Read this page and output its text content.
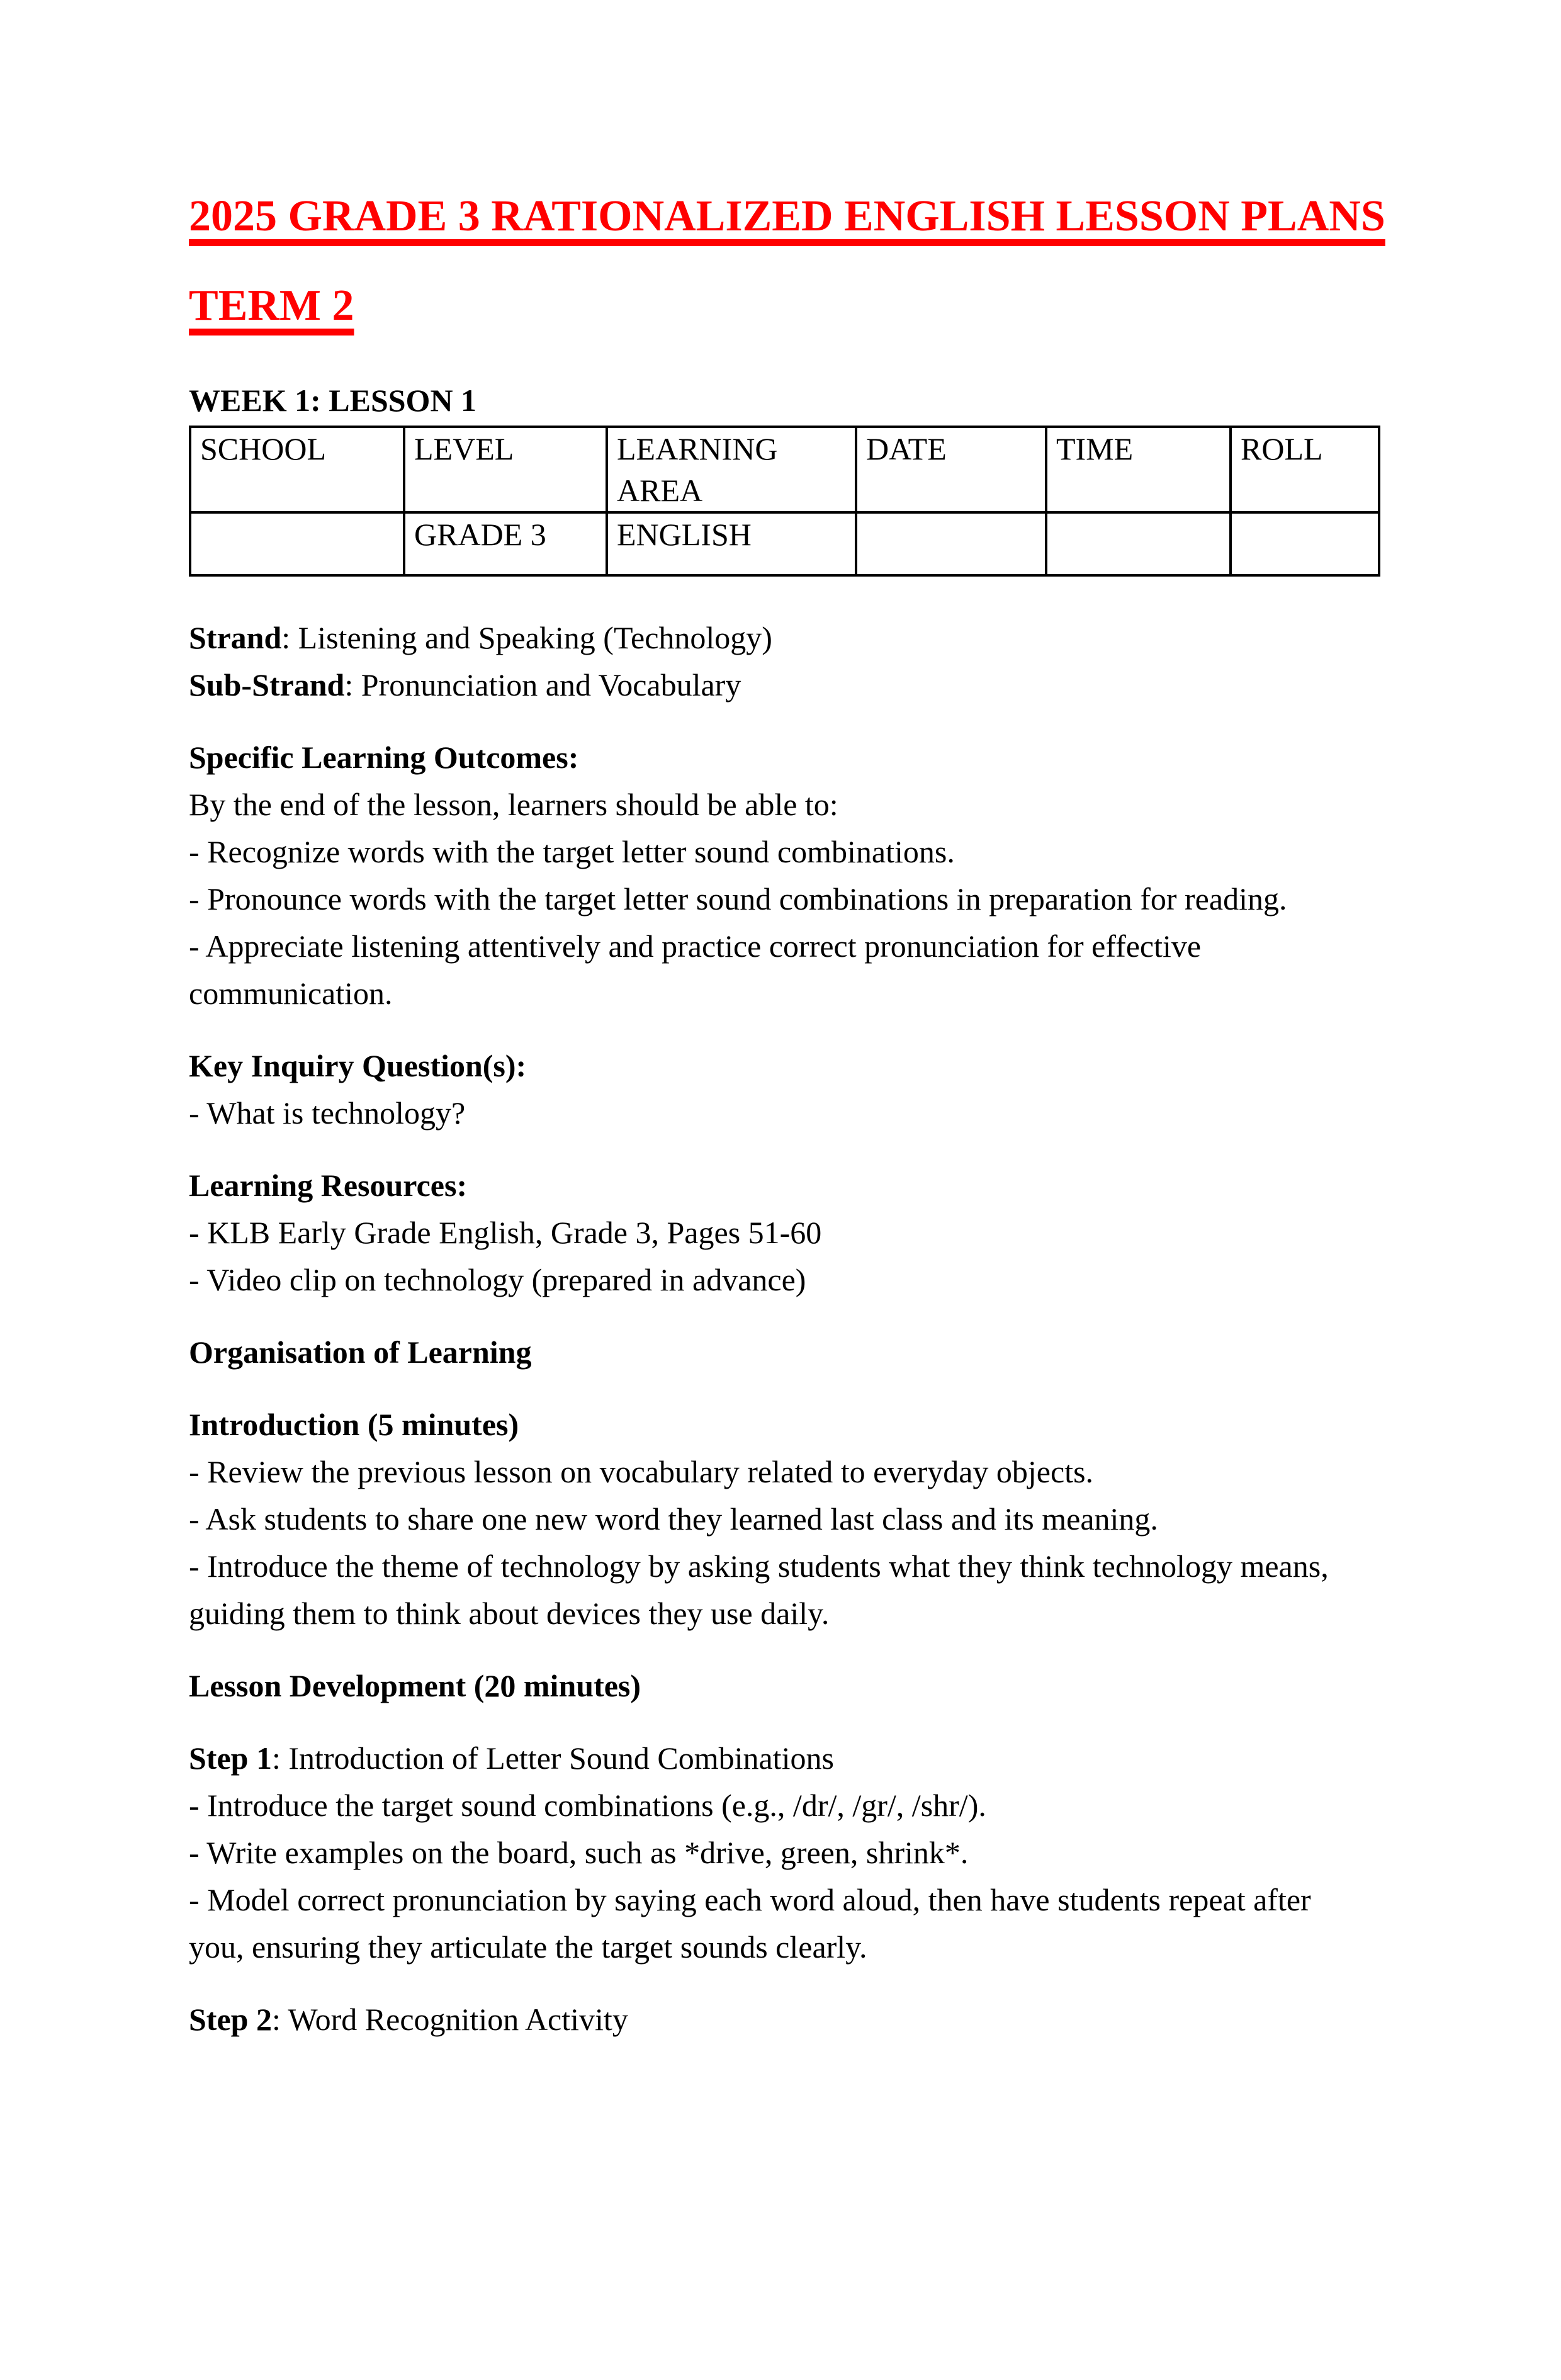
2025 GRADE 3 RATIONALIZED ENGLISH LESSON PLANS
TERM 2
WEEK 1: LESSON 1
SCHOOL	LEVEL	LEARNING AREA	DATE	TIME	ROLL
	GRADE 3	ENGLISH			

Strand: Listening and Speaking (Technology)

Sub-Strand: Pronunciation and Vocabulary

Specific Learning Outcomes:

By the end of the lesson, learners should be able to:

- Recognize words with the target letter sound combinations.

- Pronounce words with the target letter sound combinations in preparation for reading.

- Appreciate listening attentively and practice correct pronunciation for effective communication.

Key Inquiry Question(s):

- What is technology?

Learning Resources:

- KLB Early Grade English, Grade 3, Pages 51-60

- Video clip on technology (prepared in advance)

Organisation of Learning

Introduction (5 minutes)

- Review the previous lesson on vocabulary related to everyday objects.

- Ask students to share one new word they learned last class and its meaning.

- Introduce the theme of technology by asking students what they think technology means, guiding them to think about devices they use daily.

Lesson Development (20 minutes)

Step 1: Introduction of Letter Sound Combinations

- Introduce the target sound combinations (e.g., /dr/, /gr/, /shr/).

- Write examples on the board, such as *drive, green, shrink*.

- Model correct pronunciation by saying each word aloud, then have students repeat after you, ensuring they articulate the target sounds clearly.

Step 2: Word Recognition Activity
